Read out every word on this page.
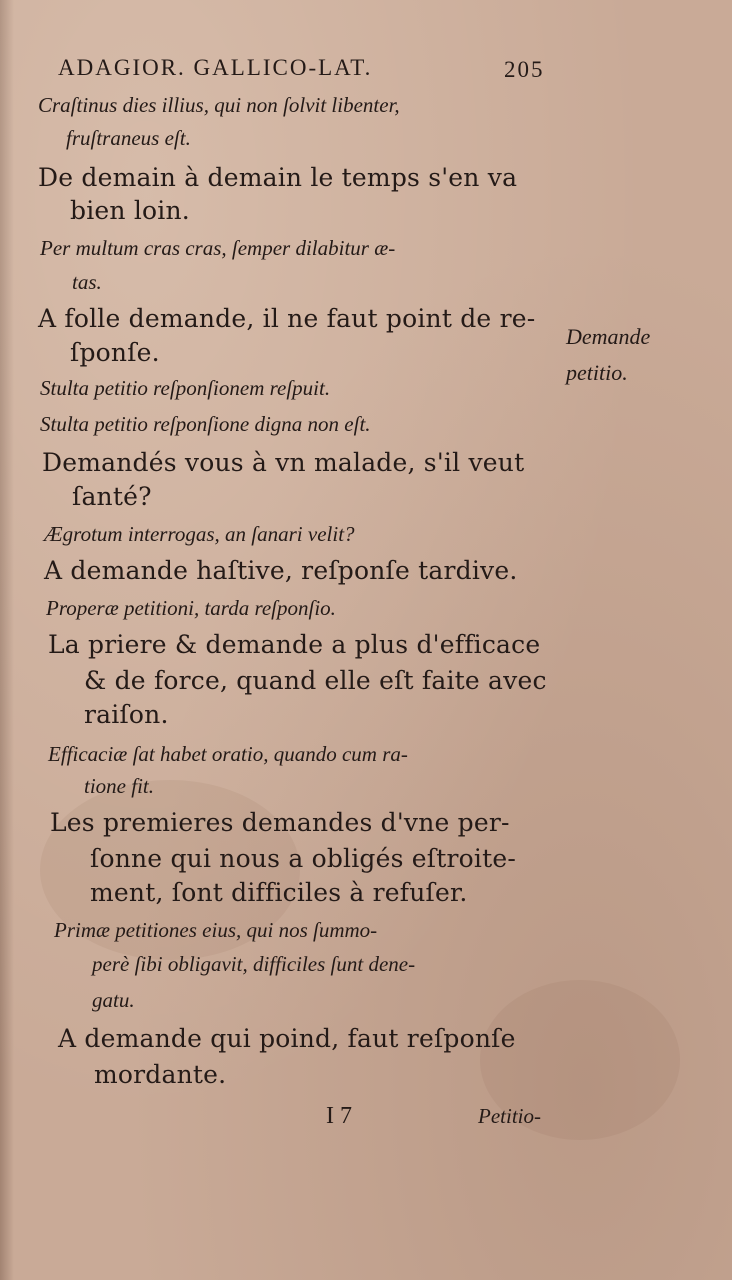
ADAGIOR. GALLICO-LAT.	205
Craſtinus dies illius, qui non ſolvit libenter,
fruſtraneus eſt.
De demain à demain le temps s'en va
bien loin.
Per multum cras cras, ſemper dilabitur æ-
tas.
A folle demande, il ne faut point de re-
ſponſe.
Stulta petitio reſponſionem reſpuit.
Stulta petitio reſponſione digna non eſt.
Demandés vous à vn malade, s'il veut
ſanté?
Ægrotum interrogas, an ſanari velit?
A demande haſtive, reſponſe tardive.
Properæ petitioni, tarda reſponſio.
La priere & demande a plus d'efficace
& de force, quand elle eſt faite avec
raiſon.
Efficaciæ ſat habet oratio, quando cum ra-
tione fit.
Les premieres demandes d'vne per-
ſonne qui nous a obligés eſtroite-
ment, ſont difficiles à refuſer.
Primæ petitiones eius, qui nos ſummo-
perè ſibi obligavit, difficiles ſunt dene-
gatu.
A demande qui poind, faut reſponſe
mordante.
Demande
petitio.
I 7	Petitio-
